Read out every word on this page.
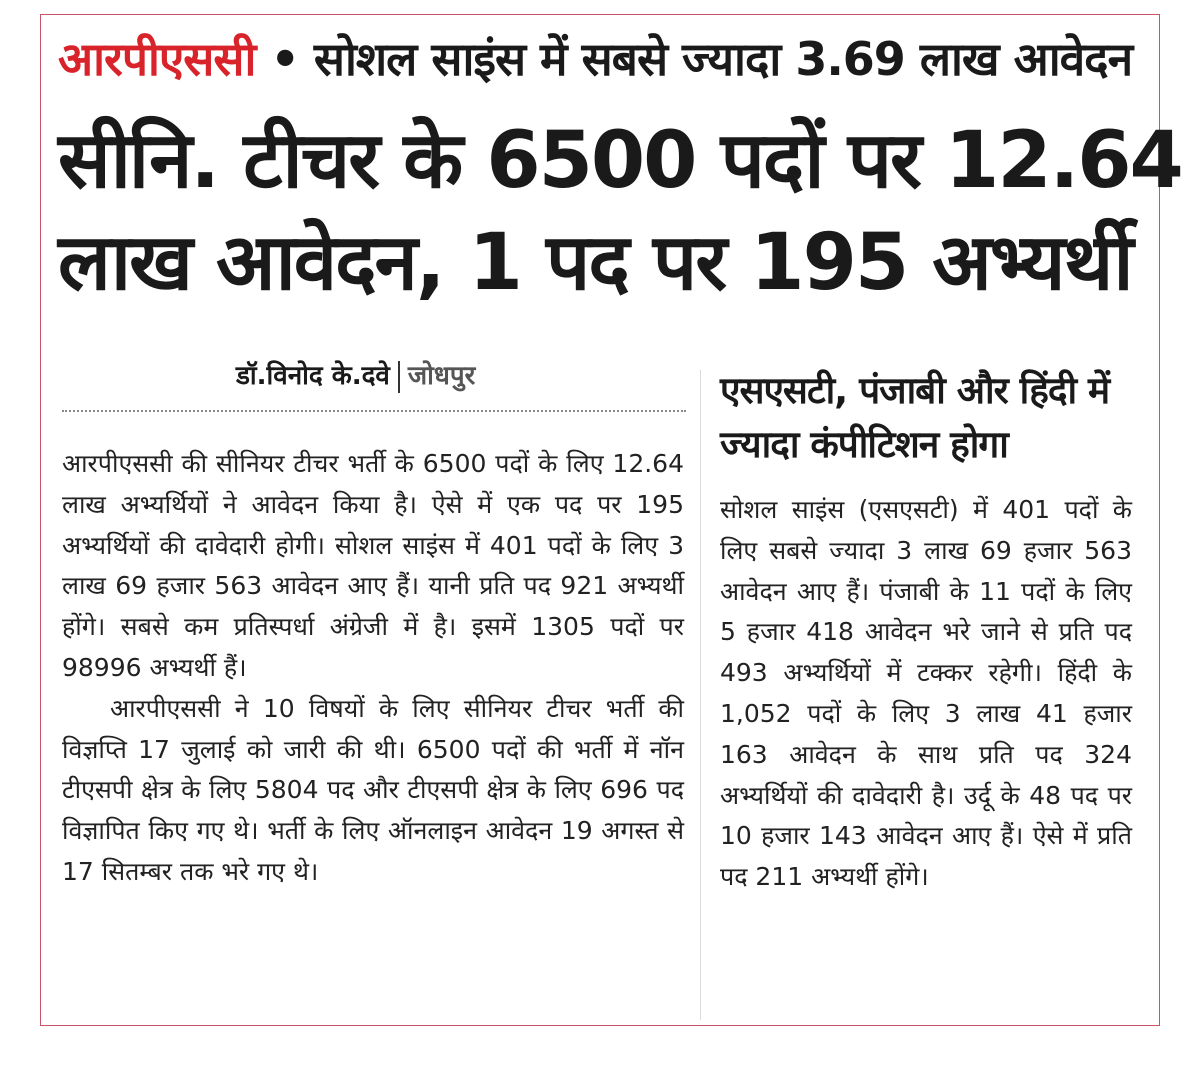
आरपीएससी • सोशल साइंस में सबसे ज्यादा 3.69 लाख आवेदन
सीनि. टीचर के 6500 पदों पर 12.64
लाख आवेदन, 1 पद पर 195 अभ्यर्थी
डॉ.विनोद के.दवे जोधपुर	एसएसटी, पंजाबी और हिंदी में ज्यादा कंपीटिशन होगा

आरपीएससी की सीनियर टीचर भर्ती के 6500 पदों के लिए 12.64 लाख अभ्यर्थियों ने आवेदन किया है। ऐसे में एक पद पर 195 अभ्यर्थियों की दावेदारी होगी। सोशल साइंस में 401 पदों के लिए 3 लाख 69 हजार 563 आवेदन आए हैं। यानी प्रति पद 921 अभ्यर्थी होंगे। सबसे कम प्रतिस्पर्धा अंग्रेजी में है। इसमें 1305 पदों पर 98996 अभ्यर्थी हैं।

आरपीएससी ने 10 विषयों के लिए सीनियर टीचर भर्ती की विज्ञप्ति 17 जुलाई को जारी की थी। 6500 पदों की भर्ती में नॉन टीएसपी क्षेत्र के लिए 5804 पद और टीएसपी क्षेत्र के लिए 696 पद विज्ञापित किए गए थे। भर्ती के लिए ऑनलाइन आवेदन 19 अगस्त से 17 सितम्बर तक भरे गए थे।

सोशल साइंस (एसएसटी) में 401 पदों के लिए सबसे ज्यादा 3 लाख 69 हजार 563 आवेदन आए हैं। पंजाबी के 11 पदों के लिए 5 हजार 418 आवेदन भरे जाने से प्रति पद 493 अभ्यर्थियों में टक्कर रहेगी। हिंदी के 1,052 पदों के लिए 3 लाख 41 हजार 163 आवेदन के साथ प्रति पद 324 अभ्यर्थियों की दावेदारी है। उर्दू के 48 पद पर 10 हजार 143 आवेदन आए हैं। ऐसे में प्रति पद 211 अभ्यर्थी होंगे।
